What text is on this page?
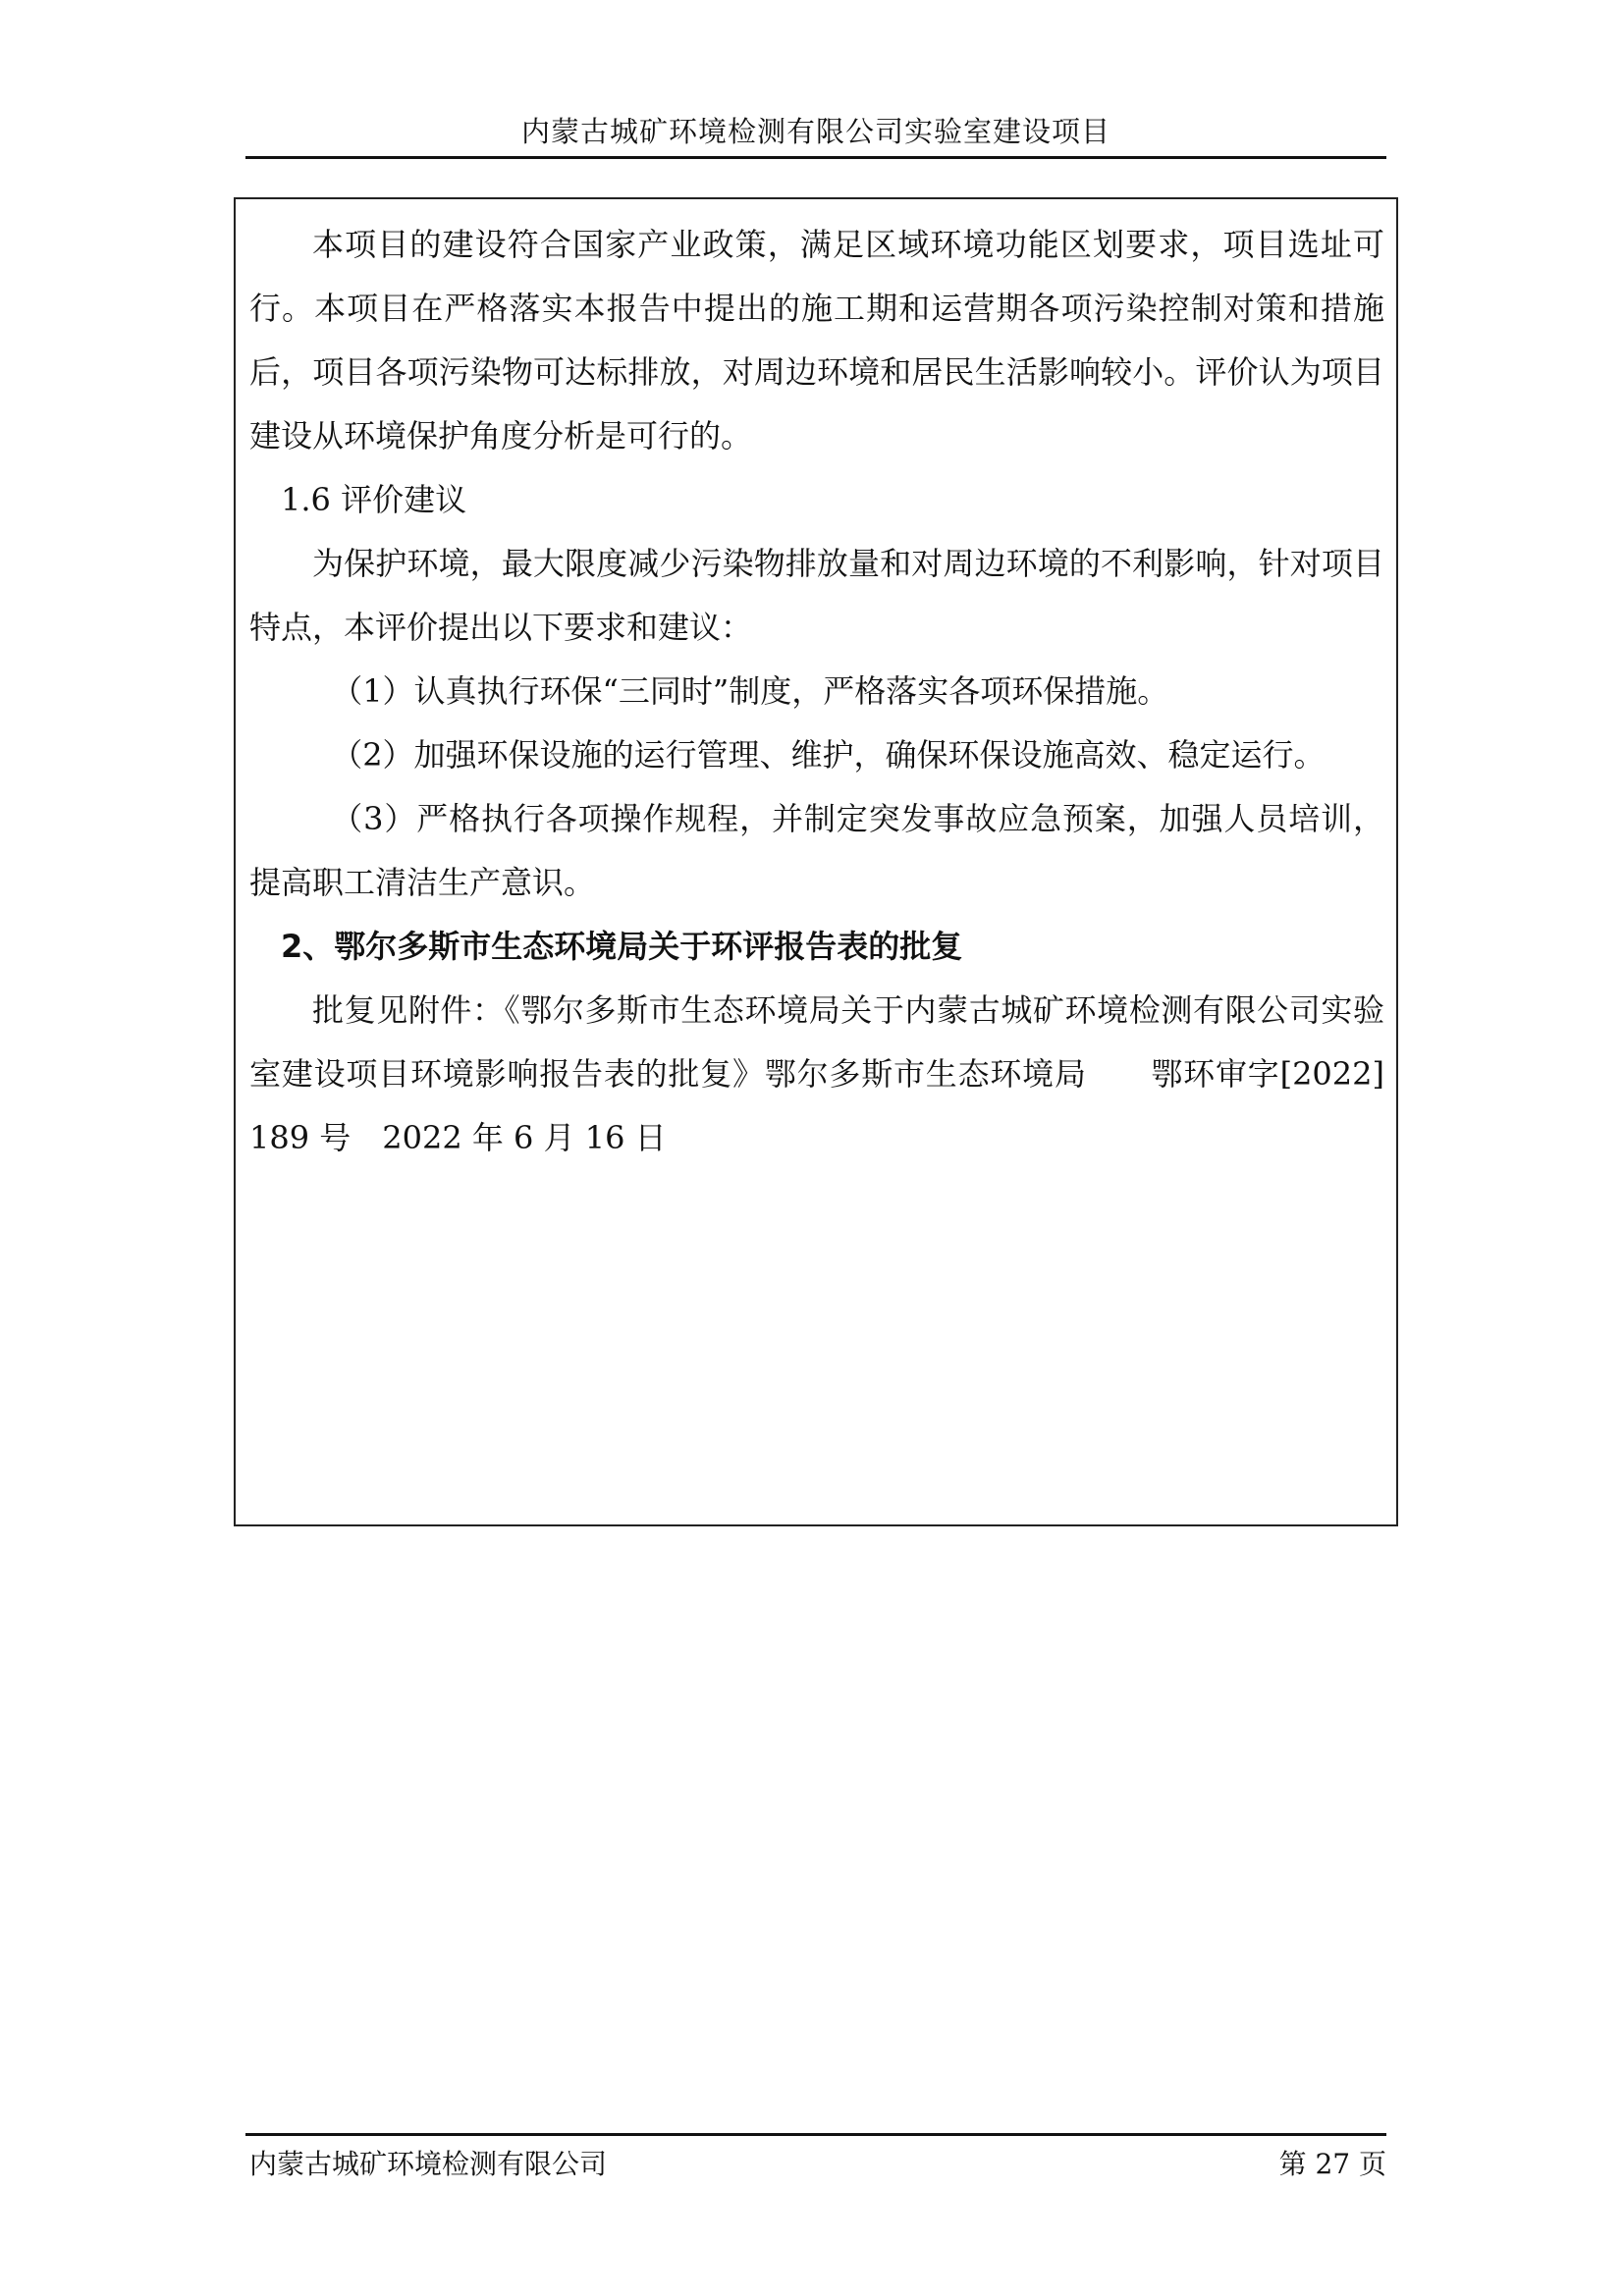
内蒙古城矿环境检测有限公司实验室建设项目

本项目的建设符合国家产业政策，满足区域环境功能区划要求，项目选址可行。本项目在严格落实本报告中提出的施工期和运营期各项污染控制对策和措施后，项目各项污染物可达标排放，对周边环境和居民生活影响较小。评价认为项目建设从环境保护角度分析是可行的。

1.6 评价建议

为保护环境，最大限度减少污染物排放量和对周边环境的不利影响，针对项目特点，本评价提出以下要求和建议：

（1）认真执行环保“三同时”制度，严格落实各项环保措施。

（2）加强环保设施的运行管理、维护，确保环保设施高效、稳定运行。

（3）严格执行各项操作规程，并制定突发事故应急预案，加强人员培训，提高职工清洁生产意识。

2、鄂尔多斯市生态环境局关于环评报告表的批复

批复见附件：《鄂尔多斯市生态环境局关于内蒙古城矿环境检测有限公司实验室建设项目环境影响报告表的批复》鄂尔多斯市生态环境局　　鄂环审字[2022] 189 号　2022 年 6 月 16 日

内蒙古城矿环境检测有限公司	第 27 页
